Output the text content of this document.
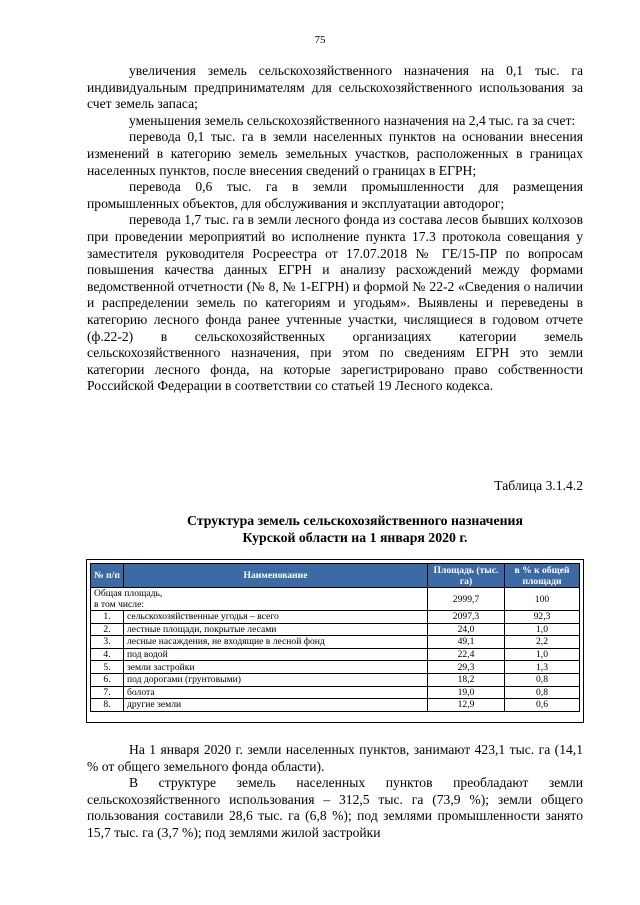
75

увеличения земель сельскохозяйственного назначения на 0,1 тыс. га индивидуальным предпринимателям для сельскохозяйственного использования за счет земель запаса;

уменьшения земель сельскохозяйственного назначения на 2,4 тыс. га за счет:

перевода 0,1 тыс. га в земли населенных пунктов на основании внесения изменений в категорию земель земельных участков, расположенных в границах населенных пунктов, после внесения сведений о границах в ЕГРН;

перевода 0,6 тыс. га в земли промышленности для размещения промышленных объектов, для обслуживания и эксплуатации автодорог;

перевода 1,7 тыс. га в земли лесного фонда из состава лесов бывших колхозов при проведении мероприятий во исполнение пункта 17.3 протокола совещания у заместителя руководителя Росреестра от 17.07.2018 № ГЕ/15-ПР по вопросам повышения качества данных ЕГРН и анализу расхождений между формами ведомственной отчетности (№ 8, № 1-ЕГРН) и формой № 22-2 «Сведения о наличии и распределении земель по категориям и угодьям». Выявлены и переведены в категорию лесного фонда ранее учтенные участки, числящиеся в годовом отчете (ф.22-2) в сельскохозяйственных организациях категории земель сельскохозяйственного назначения, при этом по сведениям ЕГРН это земли категории лесного фонда, на которые зарегистрировано право собственности Российской Федерации в соответствии со статьей 19 Лесного кодекса.

Таблица 3.1.4.2
Структура земель сельскохозяйственного назначения
Курской области на 1 января 2020 г.
№ п/п	Наименование	Площадь (тыс. га)	в % к общей площади

Общая площадь,
в том числе:		2999,7	100
1.	сельскохозяйственные угодья – всего	2097,3	92,3
2.	лестные площади, покрытые лесами	24,0	1,0
3.	лесные насаждения, не входящие в лесной фонд	49,1	2,2
4.	под водой	22,4	1,0
5.	земли застройки	29,3	1,3
6.	под дорогами (грунтовыми)	18,2	0,8
7.	болота	19,0	0,8
8.	другие земли	12,9	0,6

На 1 января 2020 г. земли населенных пунктов, занимают 423,1 тыс. га (14,1 % от общего земельного фонда области).

В структуре земель населенных пунктов преобладают земли сельскохозяйственного использования – 312,5 тыс. га (73,9 %); земли общего пользования составили 28,6 тыс. га (6,8 %); под землями промышленности занято 15,7 тыс. га (3,7 %); под землями жилой застройки
